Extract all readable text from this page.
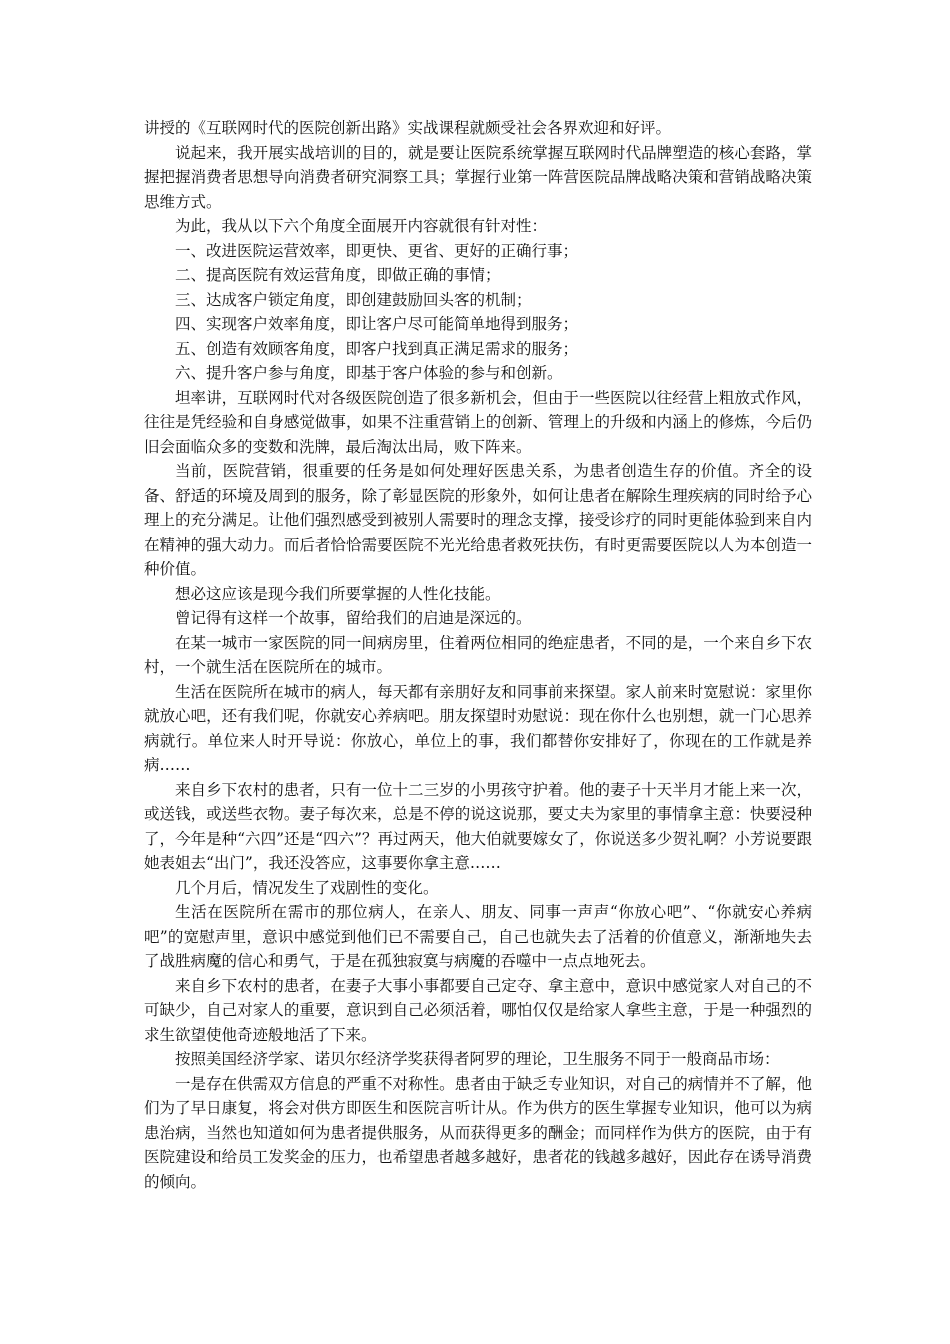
讲授的《互联网时代的医院创新出路》实战课程就颇受社会各界欢迎和好评。

说起来，我开展实战培训的目的，就是要让医院系统掌握互联网时代品牌塑造的核心套路，掌握把握消费者思想导向消费者研究洞察工具；掌握行业第一阵营医院品牌战略决策和营销战略决策思维方式。

为此，我从以下六个角度全面展开内容就很有针对性：

一、改进医院运营效率，即更快、更省、更好的正确行事；

二、提高医院有效运营角度，即做正确的事情；

三、达成客户锁定角度，即创建鼓励回头客的机制；

四、实现客户效率角度，即让客户尽可能简单地得到服务；

五、创造有效顾客角度，即客户找到真正满足需求的服务；

六、提升客户参与角度，即基于客户体验的参与和创新。

坦率讲，互联网时代对各级医院创造了很多新机会，但由于一些医院以往经营上粗放式作风，往往是凭经验和自身感觉做事，如果不注重营销上的创新、管理上的升级和内涵上的修炼，今后仍旧会面临众多的变数和洗牌，最后淘汰出局，败下阵来。

当前，医院营销，很重要的任务是如何处理好医患关系，为患者创造生存的价值。齐全的设备、舒适的环境及周到的服务，除了彰显医院的形象外，如何让患者在解除生理疾病的同时给予心理上的充分满足。让他们强烈感受到被别人需要时的理念支撑，接受诊疗的同时更能体验到来自内在精神的强大动力。而后者恰恰需要医院不光光给患者救死扶伤，有时更需要医院以人为本创造一种价值。

想必这应该是现今我们所要掌握的人性化技能。

曾记得有这样一个故事，留给我们的启迪是深远的。

在某一城市一家医院的同一间病房里，住着两位相同的绝症患者，不同的是，一个来自乡下农村，一个就生活在医院所在的城市。

生活在医院所在城市的病人，每天都有亲朋好友和同事前来探望。家人前来时宽慰说：家里你就放心吧，还有我们呢，你就安心养病吧。朋友探望时劝慰说：现在你什么也别想，就一门心思养病就行。单位来人时开导说：你放心，单位上的事，我们都替你安排好了，你现在的工作就是养病……

来自乡下农村的患者，只有一位十二三岁的小男孩守护着。他的妻子十天半月才能上来一次，或送钱，或送些衣物。妻子每次来，总是不停的说这说那，要丈夫为家里的事情拿主意：快要浸种了，今年是种“六四”还是“四六”？再过两天，他大伯就要嫁女了，你说送多少贺礼啊？小芳说要跟她表姐去“出门”，我还没答应，这事要你拿主意……

几个月后，情况发生了戏剧性的变化。

生活在医院所在需市的那位病人，在亲人、朋友、同事一声声“你放心吧”、“你就安心养病吧”的宽慰声里，意识中感觉到他们已不需要自己，自己也就失去了活着的价值意义，渐渐地失去了战胜病魔的信心和勇气，于是在孤独寂寞与病魔的吞噬中一点点地死去。

来自乡下农村的患者，在妻子大事小事都要自己定夺、拿主意中，意识中感觉家人对自己的不可缺少，自己对家人的重要，意识到自己必须活着，哪怕仅仅是给家人拿些主意，于是一种强烈的求生欲望使他奇迹般地活了下来。

按照美国经济学家、诺贝尔经济学奖获得者阿罗的理论，卫生服务不同于一般商品市场：

一是存在供需双方信息的严重不对称性。患者由于缺乏专业知识，对自己的病情并不了解，他们为了早日康复，将会对供方即医生和医院言听计从。作为供方的医生掌握专业知识，他可以为病患治病，当然也知道如何为患者提供服务，从而获得更多的酬金；而同样作为供方的医院，由于有医院建设和给员工发奖金的压力，也希望患者越多越好，患者花的钱越多越好，因此存在诱导消费的倾向。
